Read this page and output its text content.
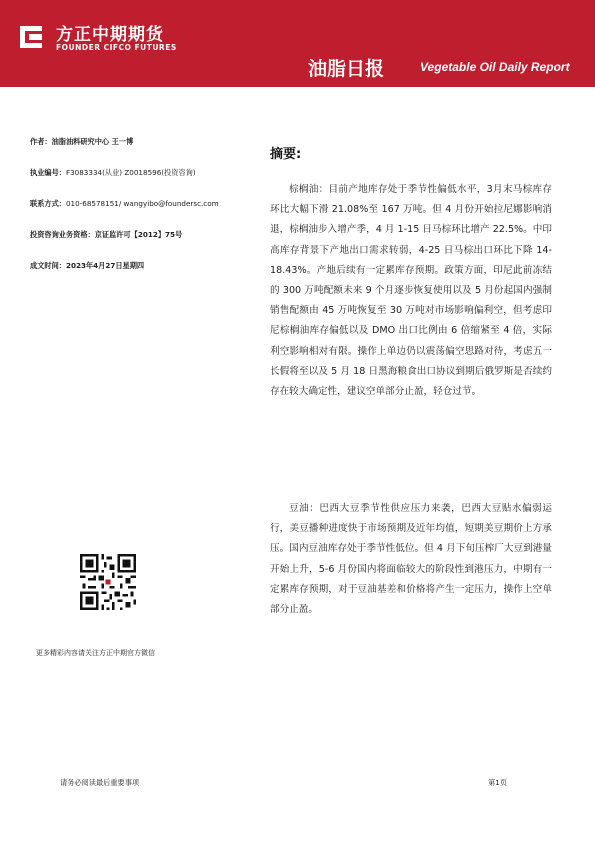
方正中期期货
FOUNDER CIFCO FUTURES
油脂日报	Vegetable Oil Daily Report
作者：油脂油料研究中心 王一博
执业编号：F3083334(从业) Z0018596(投资咨询)
联系方式：010-68578151/ wangyibo@foundersc.com
投资咨询业务资格：京证监许可【2012】75号
成文时间：2023年4月27日星期四
更多精彩内容请关注方正中期官方微信
摘要:

棕榈油：目前产地库存处于季节性偏低水平，3月末马棕库存环比大幅下滑 21.08%至 167 万吨。但 4 月份开始拉尼娜影响消退，棕榈油步入增产季，4 月 1-15 日马棕环比增产 22.5%。中印高库存背景下产地出口需求转弱，4-25 日马棕出口环比下降 14-18.43%。产地后续有一定累库存预期。政策方面，印尼此前冻结的 300 万吨配额未来 9 个月逐步恢复使用以及 5 月份起国内强制销售配额由 45 万吨恢复至 30 万吨对市场影响偏利空，但考虑印尼棕榈油库存偏低以及 DMO 出口比例由 6 倍缩紧至 4 倍，实际利空影响相对有限。操作上单边仍以震荡偏空思路对待，考虑五一长假将至以及 5 月 18 日黑海粮食出口协议到期后俄罗斯是否续约存在较大确定性，建议空单部分止盈，轻仓过节。

豆油：巴西大豆季节性供应压力来袭，巴西大豆贴水偏弱运行，美豆播种进度快于市场预期及近年均值，短期美豆期价上方承压。国内豆油库存处于季节性低位。但 4 月下旬压榨厂大豆到港量开始上升，5-6 月份国内将面临较大的阶段性到港压力，中期有一定累库存预期，对于豆油基差和价格将产生一定压力，操作上空单部分止盈。

请务必阅读最后重要事项	第1页
